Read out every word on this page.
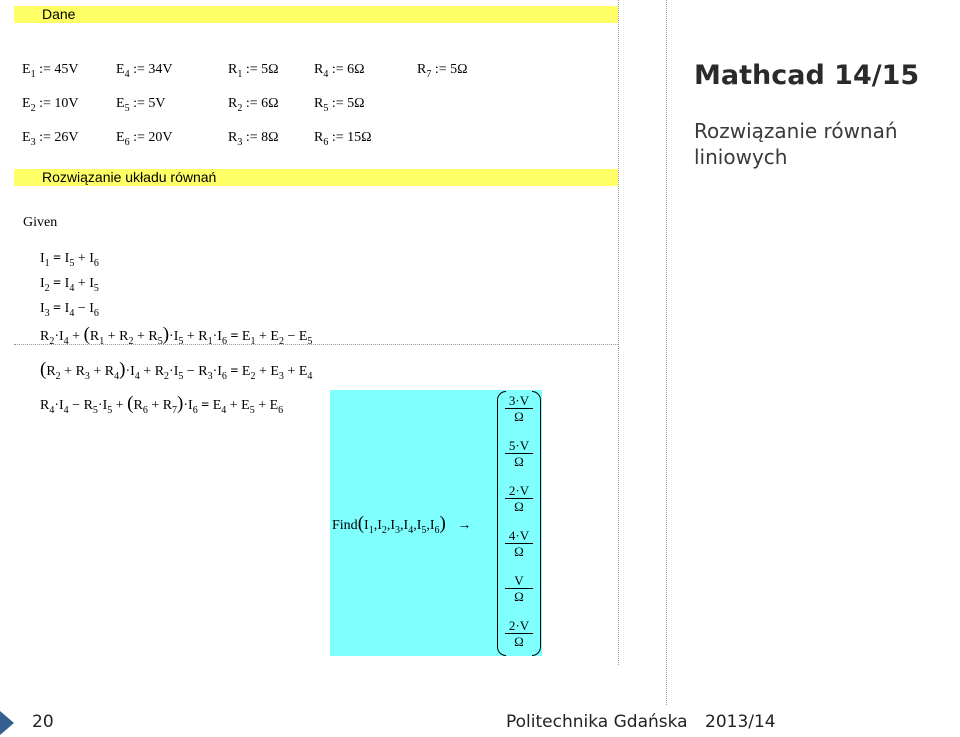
Dane
$E_1$ := 45V	$E_4$ := 34V	$R_1$ := 5Ω	$R_4$ := 6Ω	$R_7$ := 5Ω
$E_2$ := 10V	$E_5$ := 5V	$R_2$ := 6Ω	$R_5$ := 5Ω
$E_3$ := 26V	$E_6$ := 20V	$R_3$ := 8Ω	$R_6$ := 15Ω
Rozwiązanie układu równań
Given
$I_1 = I_5 + I_6$
$I_2 = I_4 + I_5$
$I_3 = I_4 - I_6$
$R_2\cdot I_4 + (R_1 + R_2 + R_5)\cdot I_5 + R_1\cdot I_6 = E_1 + E_2 - E_5$
$(R_2 + R_3 + R_4)\cdot I_4 + R_2\cdot I_5 - R_3\cdot I_6 = E_2 + E_3 + E_4$
$R_4\cdot I_4 - R_5\cdot I_5 + (R_6 + R_7)\cdot I_6 = E_4 + E_5 + E_6$
$Find(I_1,I_2,I_3,I_4,I_5,I_6)$ →
$\frac{3\cdot V}{\Omega}$
$\frac{5\cdot V}{\Omega}$
$\frac{2\cdot V}{\Omega}$
$\frac{4\cdot V}{\Omega}$
$\frac{V}{\Omega}$
$\frac{2\cdot V}{\Omega}$
Mathcad 14/15
Rozwiązanie równań liniowych
20	Politechnika Gdańska 2013/14
